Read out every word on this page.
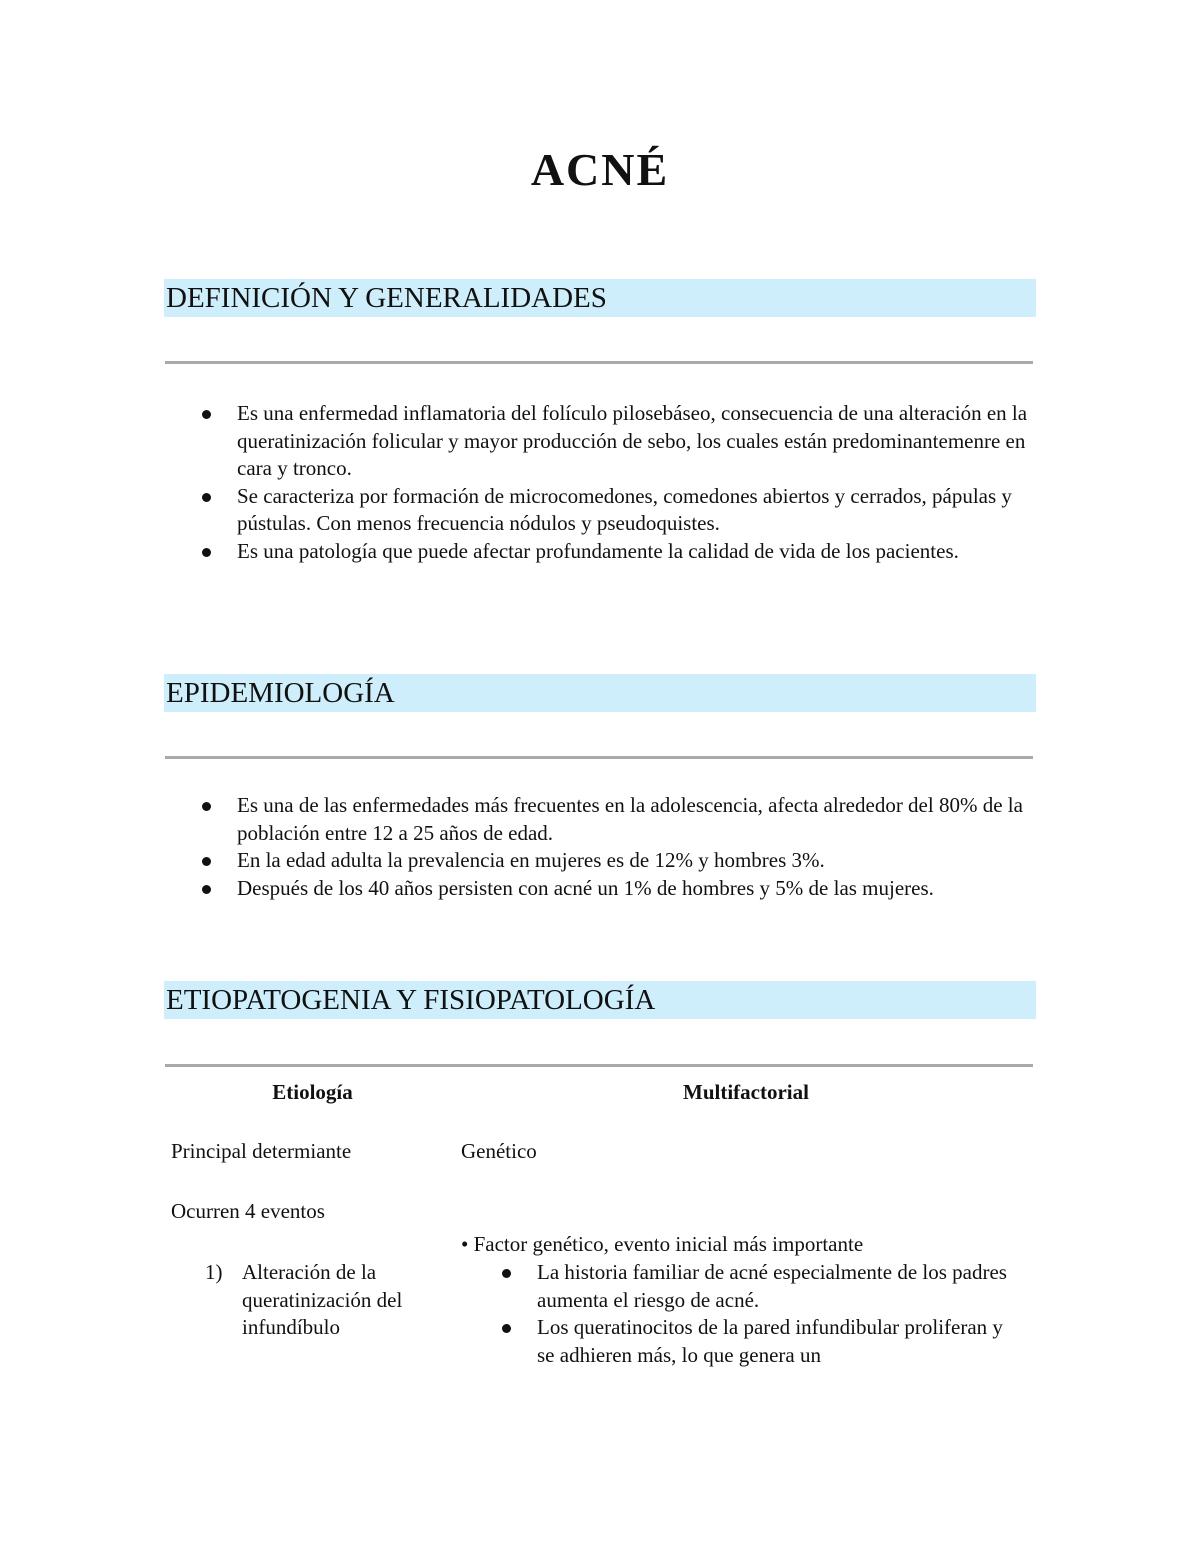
ACNÉ
DEFINICIÓN Y GENERALIDADES
Es una enfermedad inflamatoria del folículo pilosebáseo, consecuencia de una alteración en la queratinización folicular y mayor producción de sebo, los cuales están predominantemenre en cara y tronco.
Se caracteriza por formación de microcomedones, comedones abiertos y cerrados, pápulas y pústulas. Con menos frecuencia nódulos y pseudoquistes.
Es una patología que puede afectar profundamente la calidad de vida de los pacientes.
EPIDEMIOLOGÍA
Es una de las enfermedades más frecuentes en la adolescencia, afecta alrededor del 80% de la población entre 12 a 25 años de edad.
En la edad adulta la prevalencia en mujeres es de 12% y hombres 3%.
Después de los 40 años persisten con acné un 1% de hombres y 5% de las mujeres.
ETIOPATOGENIA Y FISIOPATOLOGÍA
Etiología	Multifactorial
Principal determiante	Genético
Ocurren 4 eventos
1) Alteración de la queratinización del infundíbulo
• Factor genético, evento inicial más importante
La historia familiar de acné especialmente de los padres aumenta el riesgo de acné.
Los queratinocitos de la pared infundibular proliferan y se adhieren más, lo que genera un
